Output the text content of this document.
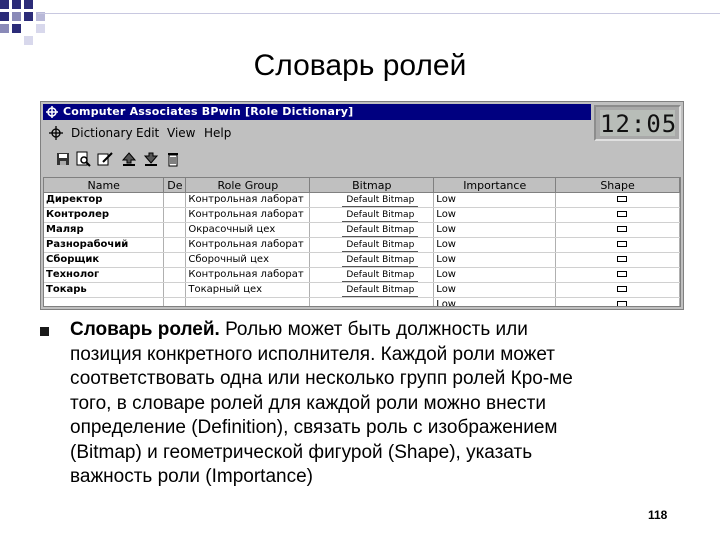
Словарь ролей
Computer Associates BPwin [Role Dictionary]	12:05
Dictionary Edit View Help
Name	De	Role Group	Bitmap	Importance	Shape
Директор		Контрольная лаборат	Default Bitmap	Low	
Контролер		Контрольная лаборат	Default Bitmap	Low	
Маляр		Окрасочный цех	Default Bitmap	Low	
Разнорабочий		Контрольная лаборат	Default Bitmap	Low	
Сборщик		Сборочный цех	Default Bitmap	Low	
Технолог		Контрольная лаборат	Default Bitmap	Low	
Токарь		Токарный цех	Default Bitmap	Low	
				Low	
Словарь ролей. Ролью может быть должность или
позиция конкретного исполнителя. Каждой роли может
соответствовать одна или несколько групп ролей Кро-ме
того, в словаре ролей для каждой роли можно внести
определение (Definition), связать роль с изображением
(Bitmap) и геометрической фигурой (Shape), указать
важность роли (Importance)
118
